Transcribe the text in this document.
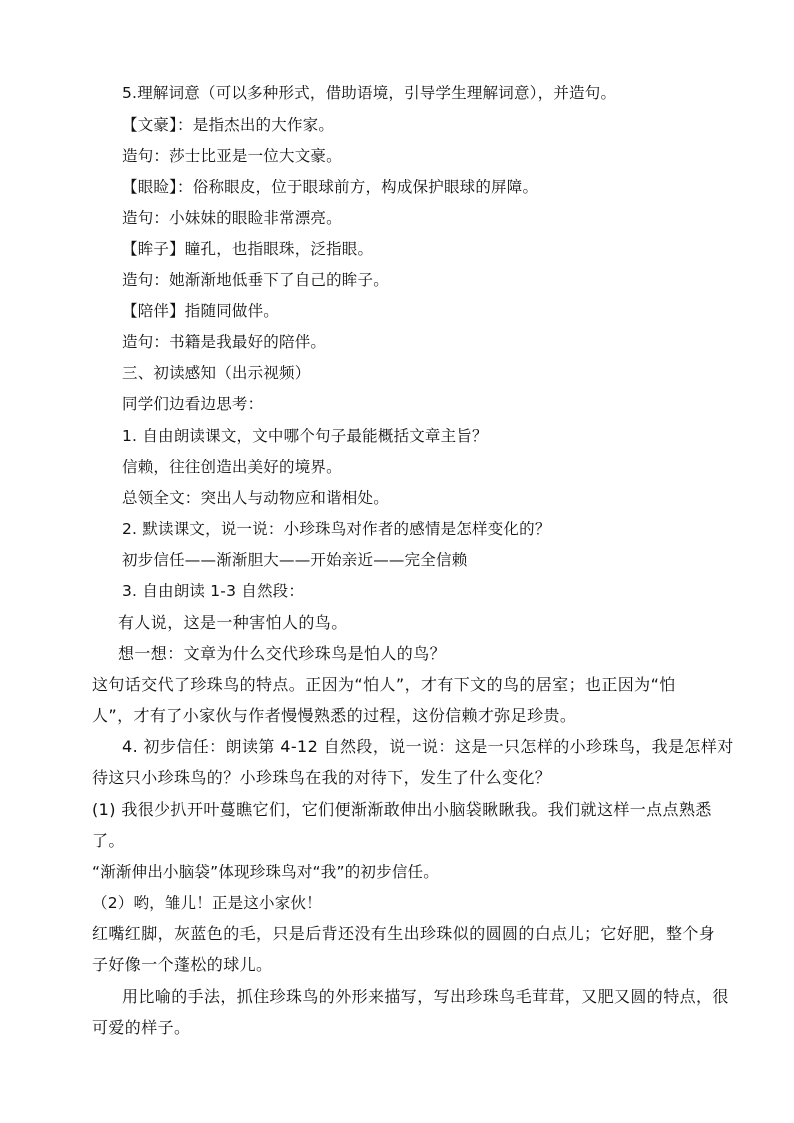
5.理解词意（可以多种形式，借助语境，引导学生理解词意），并造句。
【文豪】：是指杰出的大作家。
造句：莎士比亚是一位大文豪。
【眼睑】：俗称眼皮，位于眼球前方，构成保护眼球的屏障。
造句：小妹妹的眼睑非常漂亮。
【眸子】瞳孔，也指眼珠，泛指眼。
造句：她渐渐地低垂下了自己的眸子。
【陪伴】指随同做伴。
造句：书籍是我最好的陪伴。
三、初读感知（出示视频）
同学们边看边思考：
1. 自由朗读课文，文中哪个句子最能概括文章主旨？
信赖，往往创造出美好的境界。
总领全文：突出人与动物应和谐相处。
2. 默读课文，说一说：小珍珠鸟对作者的感情是怎样变化的？
初步信任——渐渐胆大——开始亲近——完全信赖
3. 自由朗读 1-3 自然段：
有人说，这是一种害怕人的鸟。
想一想：文章为什么交代珍珠鸟是怕人的鸟？
这句话交代了珍珠鸟的特点。正因为“怕人”，才有下文的鸟的居室；也正因为“怕
人”，才有了小家伙与作者慢慢熟悉的过程，这份信赖才弥足珍贵。
4. 初步信任：朗读第 4-12 自然段，说一说：这是一只怎样的小珍珠鸟，我是怎样对
待这只小珍珠鸟的？小珍珠鸟在我的对待下，发生了什么变化？
(1) 我很少扒开叶蔓瞧它们，它们便渐渐敢伸出小脑袋瞅瞅我。我们就这样一点点熟悉
了。
“渐渐伸出小脑袋”体现珍珠鸟对“我”的初步信任。
（2）哟，雏儿！正是这小家伙！
红嘴红脚，灰蓝色的毛，只是后背还没有生出珍珠似的圆圆的白点儿；它好肥，整个身
子好像一个蓬松的球儿。
用比喻的手法，抓住珍珠鸟的外形来描写，写出珍珠鸟毛茸茸，又肥又圆的特点，很
可爱的样子。
